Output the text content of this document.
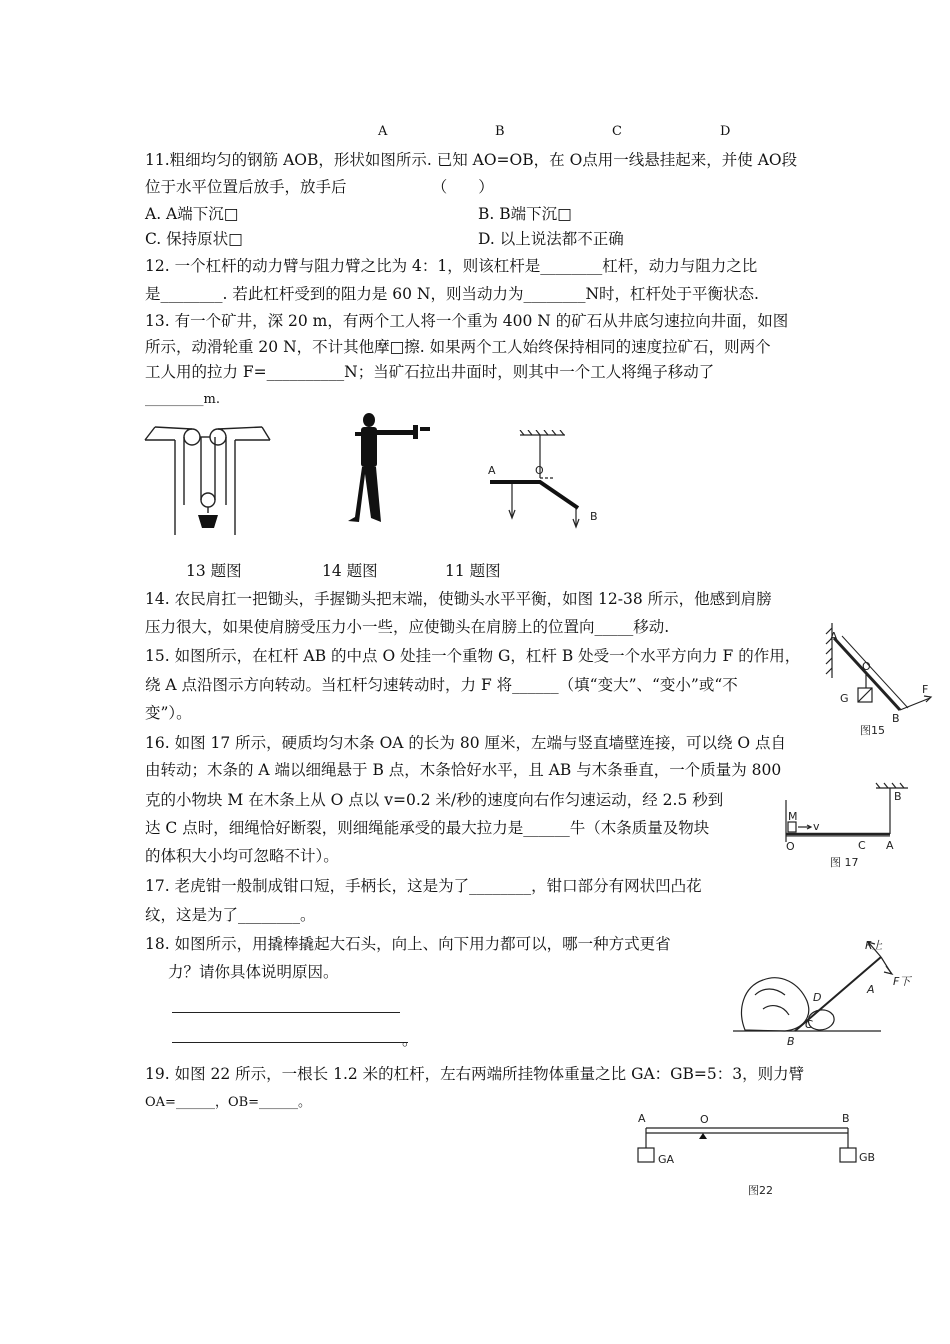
A	B	C	D
11.粗细均匀的钢筋 AOB，形状如图所示. 已知 AO=OB，在 O点用一线悬挂起来，并使 AO段
位于水平位置后放手，放手后　　　　　　（　　）
A. A端下沉□	B. B端下沉□
C. 保持原状□	D. 以上说法都不正确
12. 一个杠杆的动力臂与阻力臂之比为 4：1，则该杠杆是________杠杆，动力与阻力之比
是________. 若此杠杆受到的阻力是 60 N，则当动力为________N时，杠杆处于平衡状态.
13. 有一个矿井，深 20 m，有两个工人将一个重为 400 N 的矿石从井底匀速拉向井面，如图
所示，动滑轮重 20 N，不计其他摩□擦. 如果两个工人始终保持相同的速度拉矿石，则两个
工人用的拉力 F=__________N；当矿石拉出井面时，则其中一个工人将绳子移动了
_________m.
A	O
B
13 题图	14 题图	11 题图
14. 农民肩扛一把锄头，手握锄头把末端，使锄头水平平衡，如图 12-38 所示，他感到肩膀
压力很大，如果使肩膀受压力小一些，应使锄头在肩膀上的位置向_____移动.
15. 如图所示，在杠杆 AB 的中点 O 处挂一个重物 G，杠杆 B 处受一个水平方向力 F 的作用，
绕 A 点沿图示方向转动。当杠杆匀速转动时，力 F 将______（填“变大”、“变小”或“不
变”）。
A
O
G
F
B
图15
16. 如图 17 所示，硬质均匀木条 OA 的长为 80 厘米，左端与竖直墙壁连接，可以绕 O 点自
由转动；木条的 A 端以细绳悬于 B 点，木条恰好水平，且 AB 与木条垂直，一个质量为 800
克的小物块 M 在木条上从 O 点以 v=0.2 米/秒的速度向右作匀速运动，经 2.5 秒到
达 C 点时，细绳恰好断裂，则细绳能承受的最大拉力是______牛（木条质量及物块
的体积大小均可忽略不计）。
B
M
v
O	C A
图 17
17. 老虎钳一般制成钳口短，手柄长，这是为了________，钳口部分有网状凹凸花
纹，这是为了________。
18. 如图所示，用撬棒撬起大石头，向上、向下用力都可以，哪一种方式更省
力？请你具体说明原因。
。
F上
F下
A
D
C
B
19. 如图 22 所示，一根长 1.2 米的杠杆，左右两端所挂物体重量之比 GA：GB=5：3，则力臂
OA=______，OB=______。
A	O	B
GA	GB
图22
